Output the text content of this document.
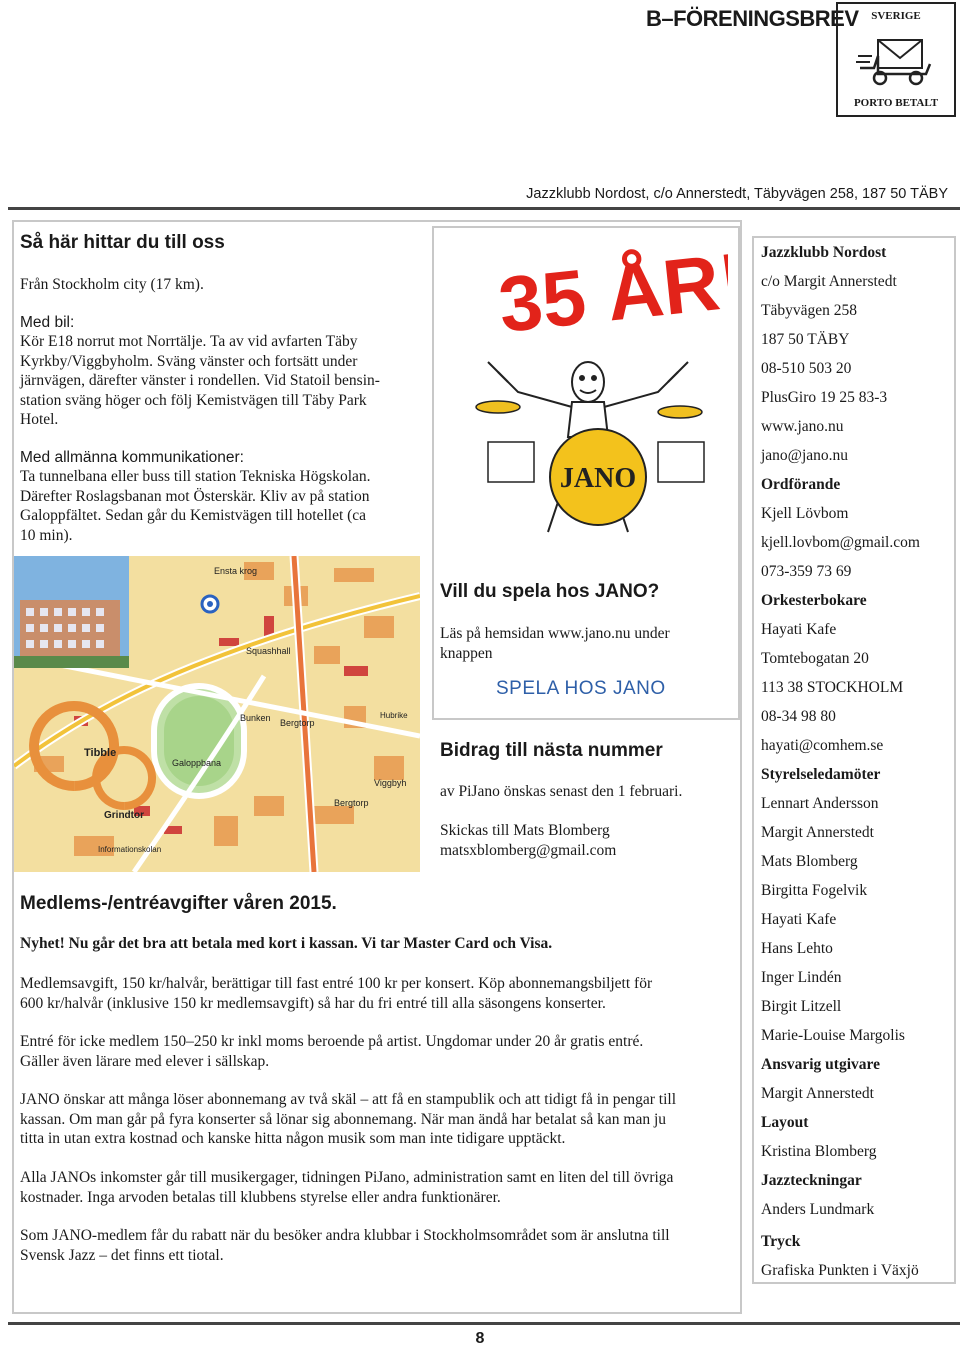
B–FÖRENINGSBREV	SVERIGE
PORTO BETALT
Jazzklubb Nordost, c/o Annerstedt, Täbyvägen 258, 187 50 TÄBY
Så här hittar du till oss
Från Stockholm city (17 km).
Med bil:
Kör E18 norrut mot Norrtälje. Ta av vid avfarten Täby
Kyrkby/Viggbyholm. Sväng vänster och fortsätt under
järnvägen, därefter vänster i rondellen. Vid Statoil bensin-
station sväng höger och följ Kemistvägen till Täby Park
Hotel.
Med allmänna kommunikationer:
Ta tunnelbana eller buss till station Tekniska Högskolan.
Därefter Roslagsbanan mot Österskär. Kliv av på station
Galoppfältet. Sedan går du Kemistvägen till hotellet (ca
10 min).
Ensta krog
Squashhall
Bunken Bergtorp
Tibble
Galoppbana
Grindtor
Bergtorp
Viggbyh
Informationskolan
Hubrike
Medlems-/entréavgifter våren 2015.
Nyhet! Nu går det bra att betala med kort i kassan. Vi tar Master Card och Visa.
Medlemsavgift, 150 kr/halvår, berättigar till fast entré 100 kr per konsert. Köp abonnemangsbiljett för
600 kr/halvår (inklusive 150 kr medlemsavgift) så har du fri entré till alla säsongens konserter.
Entré för icke medlem 150–250 kr inkl moms beroende på artist. Ungdomar under 20 år gratis entré.
Gäller även lärare med elever i sällskap.
JANO önskar att många löser abonnemang av två skäl – att få en stampublik och att tidigt få in pengar till
kassan. Om man går på fyra konserter så lönar sig abonnemang. När man ändå har betalat så kan man ju
titta in utan extra kostnad och kanske hitta någon musik som man inte tidigare upptäckt.
Alla JANOs inkomster går till musikergager, tidningen PiJano, administration samt en liten del till övriga
kostnader. Inga arvoden betalas till klubbens styrelse eller andra funktionärer.
Som JANO-medlem får du rabatt när du besöker andra klubbar i Stockholmsområdet som är anslutna till
Svensk Jazz – det finns ett tiotal.
35 ÅR!
JANO
Vill du spela hos JANO?
Läs på hemsidan www.jano.nu under
knappen
SPELA HOS JANO
Bidrag till nästa nummer
av PiJano önskas senast den 1 februari.
Skickas till Mats Blomberg
matsxblomberg@gmail.com
Jazzklubb Nordost
c/o Margit Annerstedt
Täbyvägen 258
187 50 TÄBY
08-510 503 20
PlusGiro 19 25 83-3
www.jano.nu
jano@jano.nu
Ordförande
Kjell Lövbom
kjell.lovbom@gmail.com
073-359 73 69
Orkesterbokare
Hayati Kafe
Tomtebogatan 20
113 38 STOCKHOLM
08-34 98 80
hayati@comhem.se
Styrelseledamöter
Lennart Andersson
Margit Annerstedt
Mats Blomberg
Birgitta Fogelvik
Hayati Kafe
Hans Lehto
Inger Lindén
Birgit Litzell
Marie-Louise Margolis
Ansvarig utgivare
Margit Annerstedt
Layout
Kristina Blomberg
Jazzteckningar
Anders Lundmark
Tryck
Grafiska Punkten i Växjö
8
